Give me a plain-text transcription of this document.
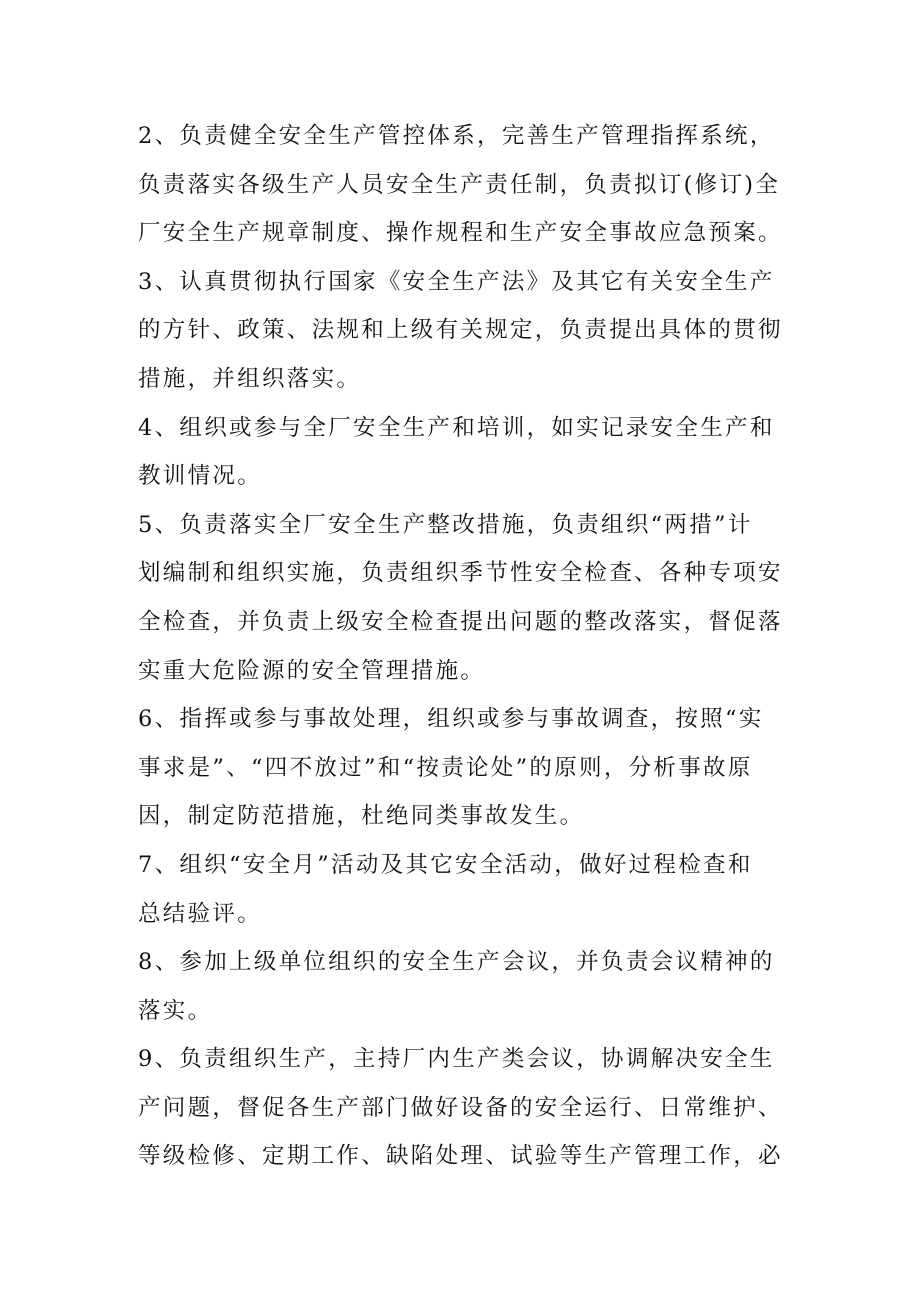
2、负责健全安全生产管控体系，完善生产管理指挥系统，
负责落实各级生产人员安全生产责任制，负责拟订(修订)全
厂安全生产规章制度、操作规程和生产安全事故应急预案。
3、认真贯彻执行国家《安全生产法》及其它有关安全生产
的方针、政策、法规和上级有关规定，负责提出具体的贯彻
措施，并组织落实。
4、组织或参与全厂安全生产和培训，如实记录安全生产和
教训情况。
5、负责落实全厂安全生产整改措施，负责组织“两措”计
划编制和组织实施，负责组织季节性安全检查、各种专项安
全检查，并负责上级安全检查提出问题的整改落实，督促落
实重大危险源的安全管理措施。
6、指挥或参与事故处理，组织或参与事故调查，按照“实
事求是”、“四不放过”和“按责论处”的原则，分析事故原
因，制定防范措施，杜绝同类事故发生。
7、组织“安全月”活动及其它安全活动，做好过程检查和
总结验评。
8、参加上级单位组织的安全生产会议，并负责会议精神的
落实。
9、负责组织生产，主持厂内生产类会议，协调解决安全生
产问题，督促各生产部门做好设备的安全运行、日常维护、
等级检修、定期工作、缺陷处理、试验等生产管理工作，必
